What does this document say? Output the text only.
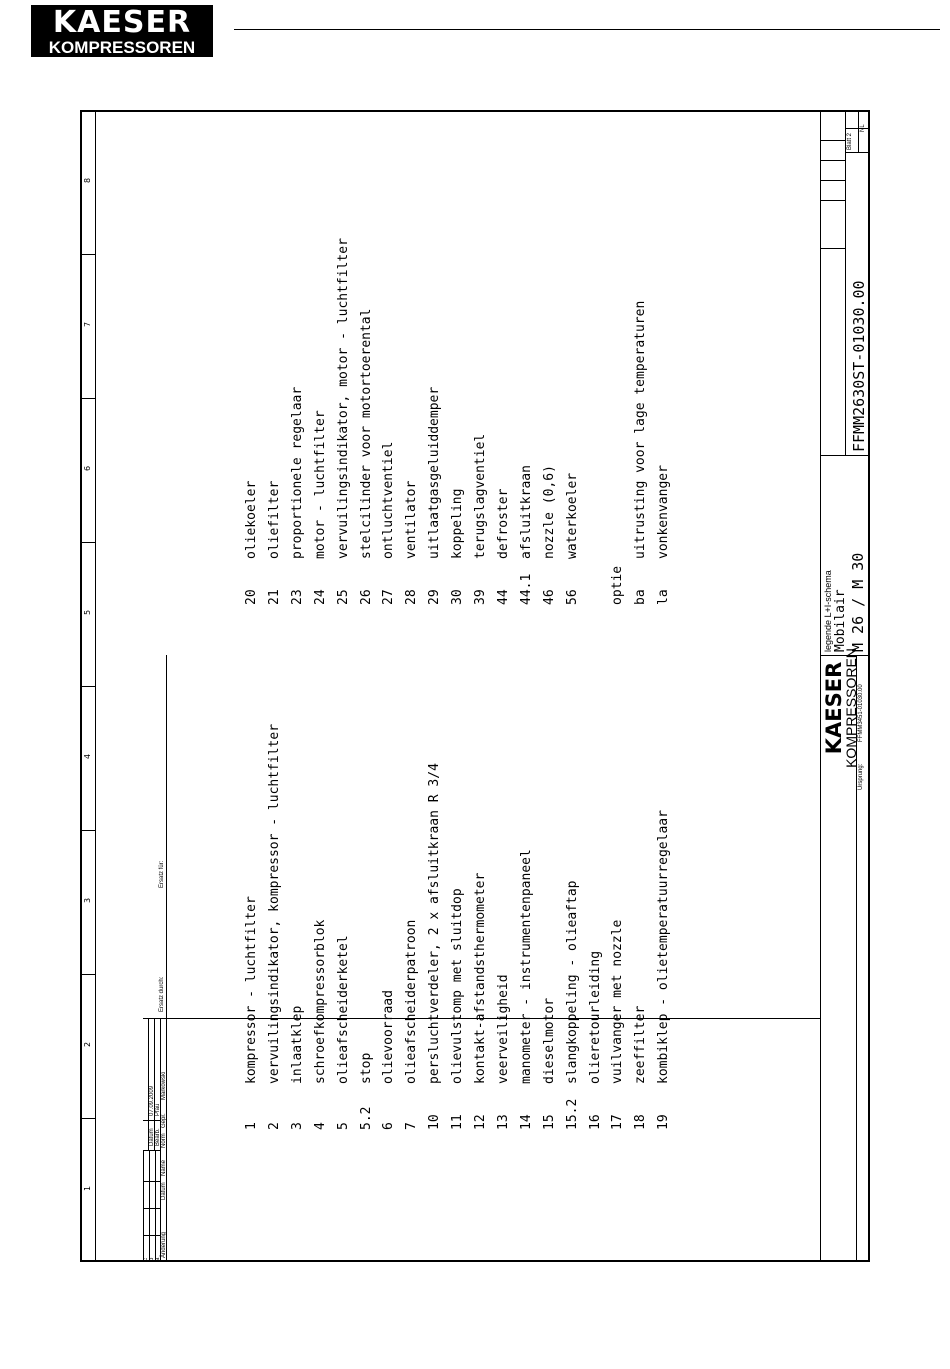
KAESER
KOMPRESSOREN
1
2
3
4
5
6
7
8
1
kompressor - luchtfilter
2
vervuilingsindikator, kompressor - luchtfilter
3
inlaatklep
4
schroefkompressorblok
5
olieafscheiderketel
5.2
stop
6
olievoorraad
7
olieafscheiderpatroon
10
persluchtverdeler, 2 x afsluitkraan R 3/4
11
olievulstomp met sluitdop
12
kontakt-afstandsthermometer
13
veerveiligheid
14
manometer - instrumentenpaneel
15
dieselmotor
15.2
slangkoppeling - olieaftap
16
olieretourleiding
17
vuilvanger met nozzle
18
zeeffilter
19
kombiklep - olietemperatuurregelaar
20
oliekoeler
21
oliefilter
23
proportionele regelaar
24
motor - luchtfilter
25
vervuilingsindikator, motor - luchtfilter
26
stelcilinder voor motortoerental
27
ontluchtventiel
28
ventilator
29
uitlaatgasgeluiddemper
30
koppeling
39
terugslagventiel
44
defroster
44.1
afsluitkraan
46
nozzle (0,6)
56
waterkoeler
optie ba
uitrusting voor lage temperaturen
la
vonkenvanger
c b a
Änderung
Datum
Name
Norm
Datum
07.09.2009
Bearb.
Pfau
Gepr.
Markowski
Ersatz durch:
Ersatz für:
Ursprung:
FFMM3451-01030.00
KAESER
KOMPRESSOREN
legende L+I-schema Mobilair M 26 / M 30
FFMM2630ST-01030.00
Blatt 2
NL
